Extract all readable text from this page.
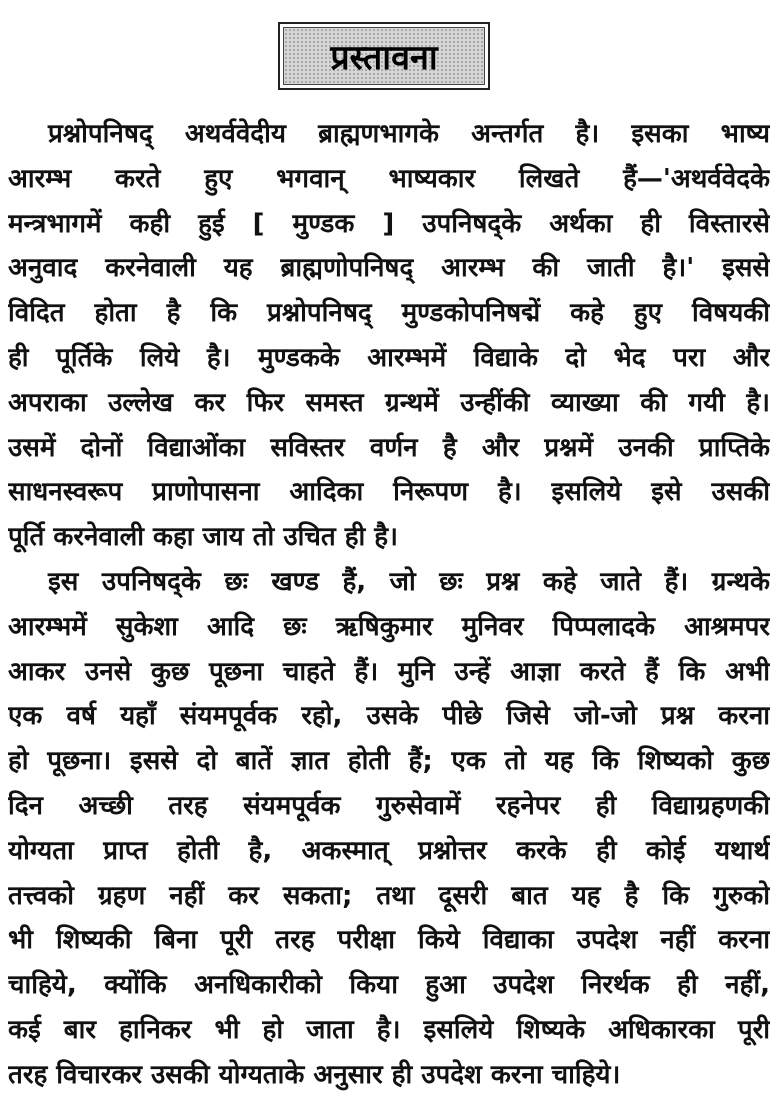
प्रस्तावना
प्रश्नोपनिषद् अथर्ववेदीय ब्राह्मणभागके अन्तर्गत है। इसका भाष्य
आरम्भ करते हुए भगवान् भाष्यकार लिखते हैं—'अथर्ववेदके
मन्त्रभागमें कही हुई [ मुण्डक ] उपनिषद्के अर्थका ही विस्तारसे
अनुवाद करनेवाली यह ब्राह्मणोपनिषद् आरम्भ की जाती है।' इससे
विदित होता है कि प्रश्नोपनिषद् मुण्डकोपनिषद्में कहे हुए विषयकी
ही पूर्तिके लिये है। मुण्डकके आरम्भमें विद्याके दो भेद परा और
अपराका उल्लेख कर फिर समस्त ग्रन्थमें उन्हींकी व्याख्या की गयी है।
उसमें दोनों विद्याओंका सविस्तर वर्णन है और प्रश्नमें उनकी प्राप्तिके
साधनस्वरूप प्राणोपासना आदिका निरूपण है। इसलिये इसे उसकी
पूर्ति करनेवाली कहा जाय तो उचित ही है।
इस उपनिषद्के छः खण्ड हैं, जो छः प्रश्न कहे जाते हैं। ग्रन्थके
आरम्भमें सुकेशा आदि छः ऋषिकुमार मुनिवर पिप्पलादके आश्रमपर
आकर उनसे कुछ पूछना चाहते हैं। मुनि उन्हें आज्ञा करते हैं कि अभी
एक वर्ष यहाँ संयमपूर्वक रहो, उसके पीछे जिसे जो-जो प्रश्न करना
हो पूछना। इससे दो बातें ज्ञात होती हैं; एक तो यह कि शिष्यको कुछ
दिन अच्छी तरह संयमपूर्वक गुरुसेवामें रहनेपर ही विद्याग्रहणकी
योग्यता प्राप्त होती है, अकस्मात् प्रश्नोत्तर करके ही कोई यथार्थ
तत्त्वको ग्रहण नहीं कर सकता; तथा दूसरी बात यह है कि गुरुको
भी शिष्यकी बिना पूरी तरह परीक्षा किये विद्याका उपदेश नहीं करना
चाहिये, क्योंकि अनधिकारीको किया हुआ उपदेश निरर्थक ही नहीं,
कई बार हानिकर भी हो जाता है। इसलिये शिष्यके अधिकारका पूरी
तरह विचारकर उसकी योग्यताके अनुसार ही उपदेश करना चाहिये।
